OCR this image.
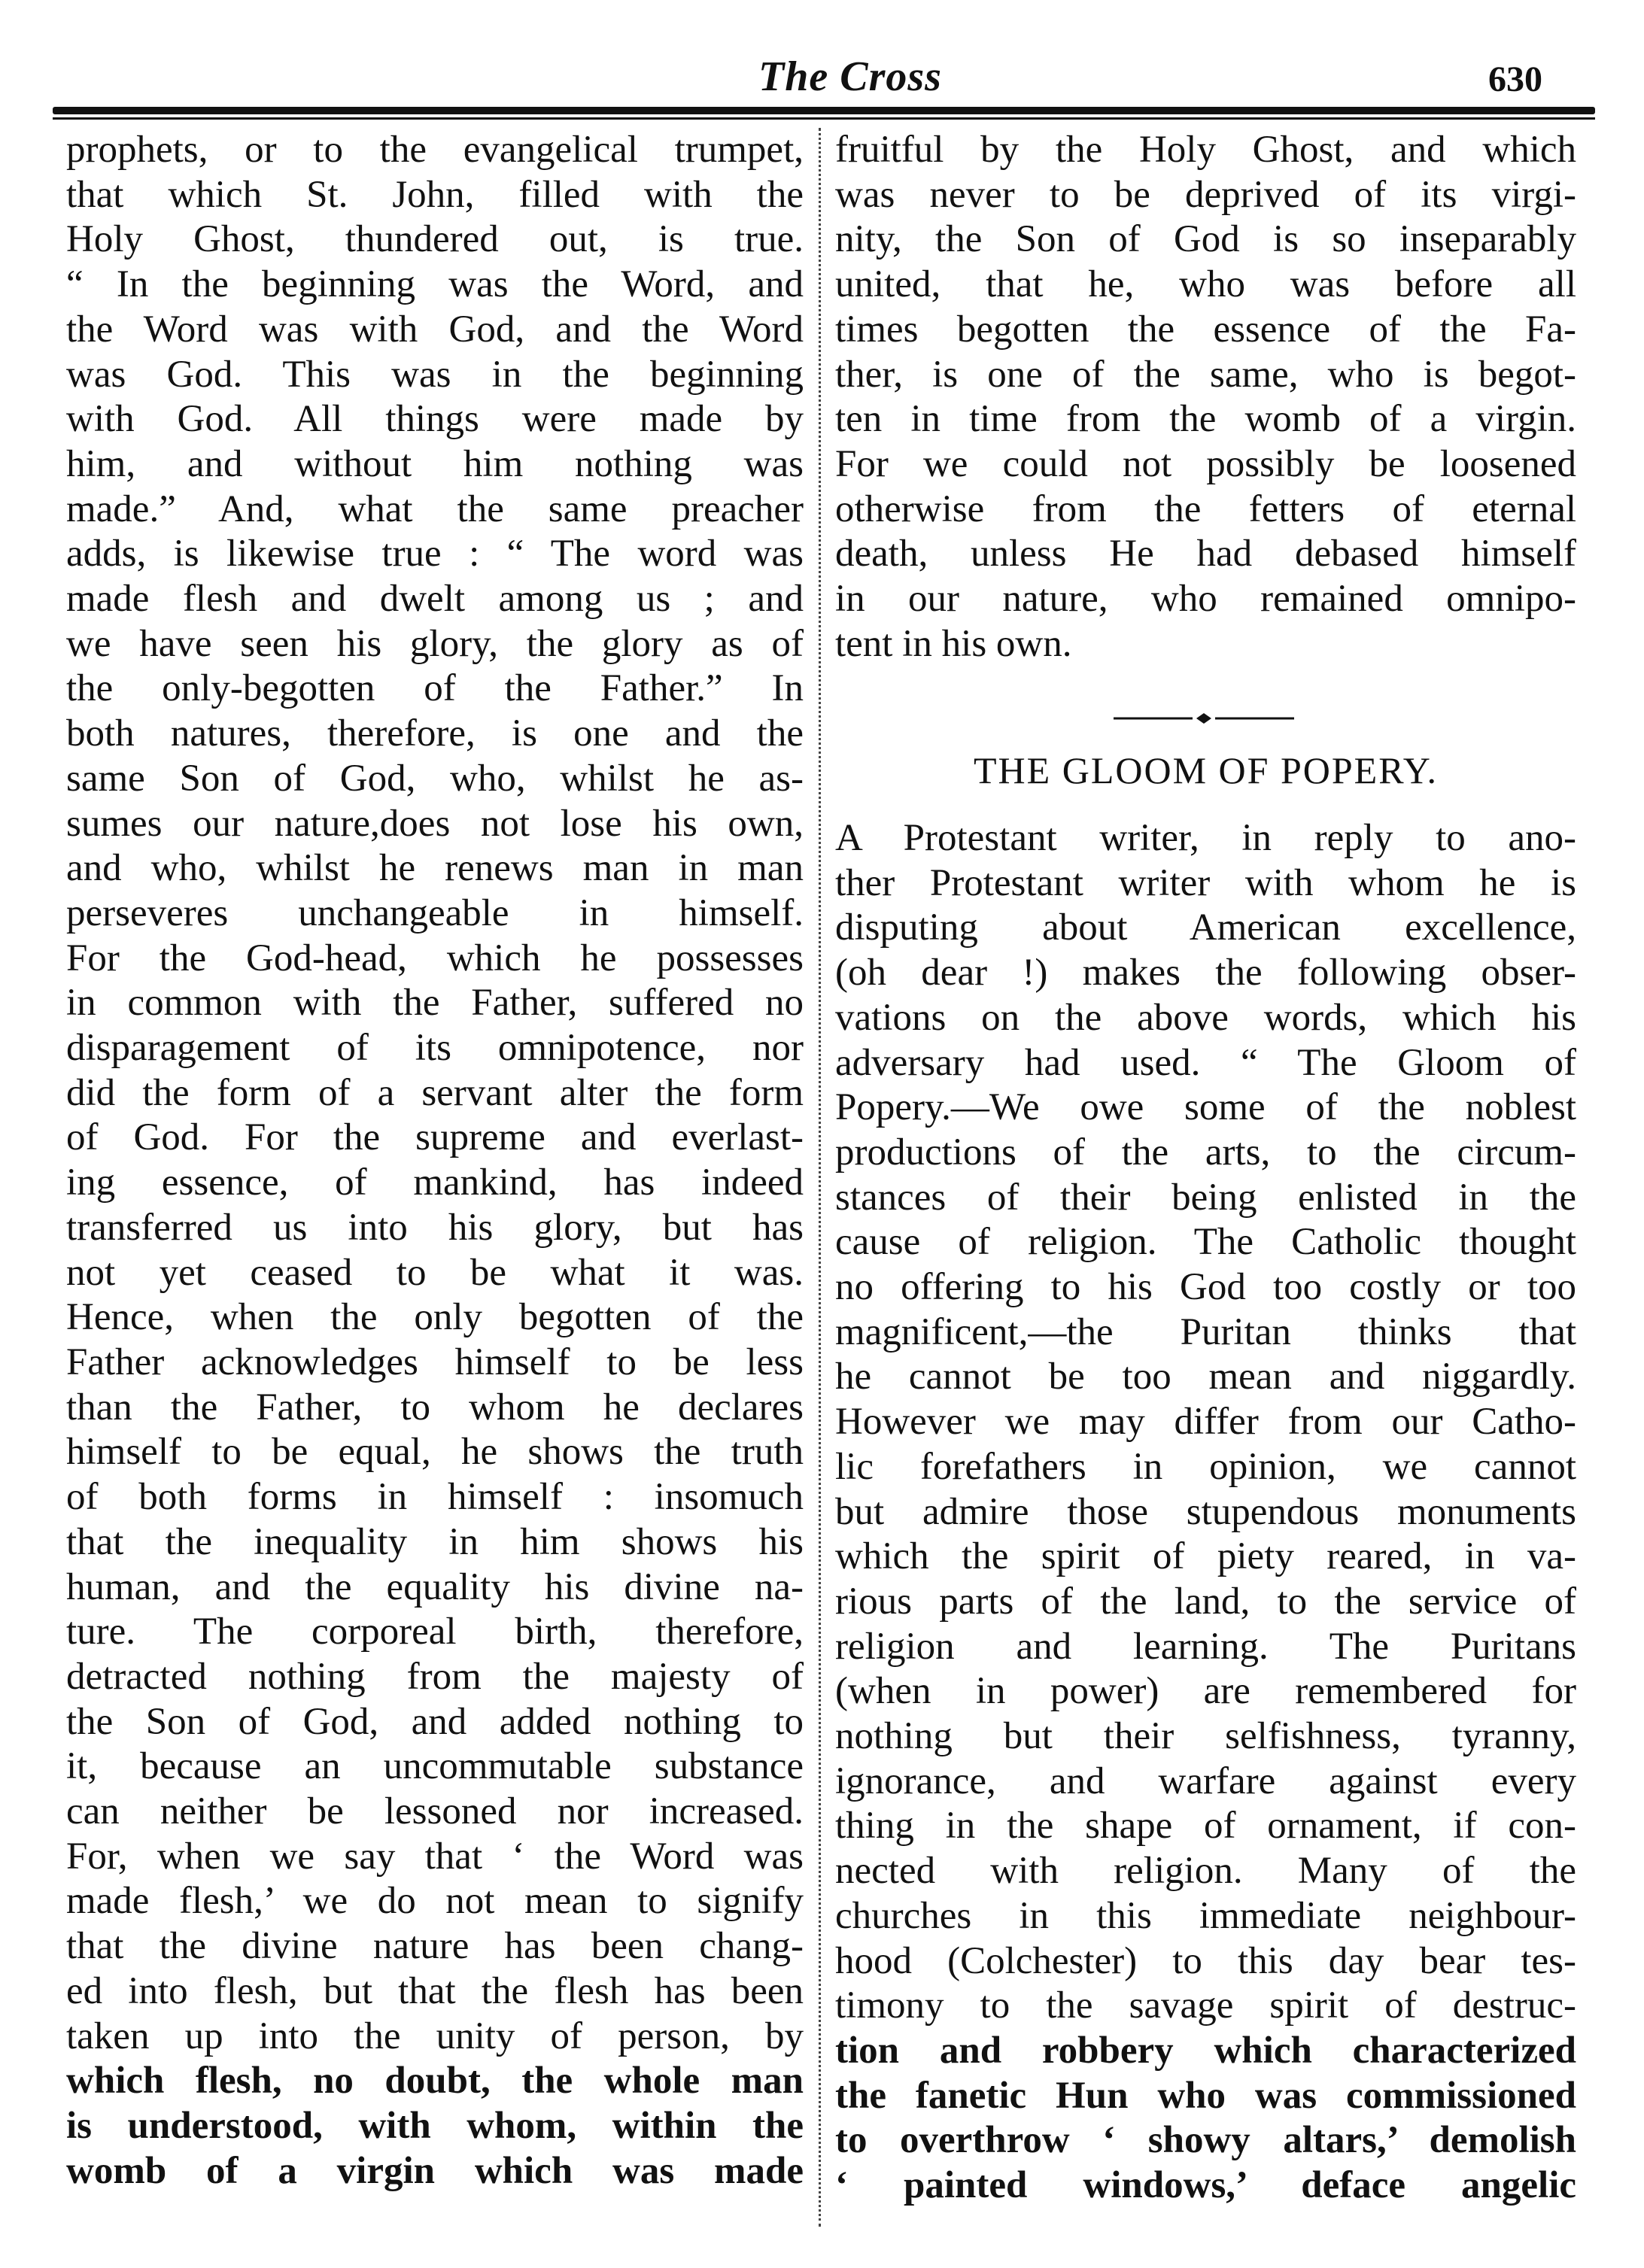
The Cross	630
prophets, or to the evangelical trumpet,
that which St. John, filled with the
Holy Ghost, thundered out, is true.
“ In the beginning was the Word, and
the Word was with God, and the Word
was God. This was in the beginning
with God. All things were made by
him, and without him nothing was
made.” And, what the same preacher
adds, is likewise true : “ The word was
made flesh and dwelt among us ; and
we have seen his glory, the glory as of
the only-begotten of the Father.” In
both natures, therefore, is one and the
same Son of God, who, whilst he as-
sumes our nature,does not lose his own,
and who, whilst he renews man in man
perseveres unchangeable in himself.
For the God-head, which he possesses
in common with the Father, suffered no
disparagement of its omnipotence, nor
did the form of a servant alter the form
of God. For the supreme and everlast-
ing essence, of mankind, has indeed
transferred us into his glory, but has
not yet ceased to be what it was.
Hence, when the only begotten of the
Father acknowledges himself to be less
than the Father, to whom he declares
himself to be equal, he shows the truth
of both forms in himself : insomuch
that the inequality in him shows his
human, and the equality his divine na-
ture. The corporeal birth, therefore,
detracted nothing from the majesty of
the Son of God, and added nothing to
it, because an uncommutable substance
can neither be lessoned nor increased.
For, when we say that ‘ the Word was
made flesh,’ we do not mean to signify
that the divine nature has been chang-
ed into flesh, but that the flesh has been
taken up into the unity of person, by
which flesh, no doubt, the whole man
is understood, with whom, within the
womb of a virgin which was made
fruitful by the Holy Ghost, and which
was never to be deprived of its virgi-
nity, the Son of God is so inseparably
united, that he, who was before all
times begotten the essence of the Fa-
ther, is one of the same, who is begot-
ten in time from the womb of a virgin.
For we could not possibly be loosened
otherwise from the fetters of eternal
death, unless He had debased himself
in our nature, who remained omnipo-
tent in his own.
THE GLOOM OF POPERY.
A Protestant writer, in reply to ano-
ther Protestant writer with whom he is
disputing about American excellence,
(oh dear !) makes the following obser-
vations on the above words, which his
adversary had used. “ The Gloom of
Popery.—We owe some of the noblest
productions of the arts, to the circum-
stances of their being enlisted in the
cause of religion. The Catholic thought
no offering to his God too costly or too
magnificent,—the Puritan thinks that
he cannot be too mean and niggardly.
However we may differ from our Catho-
lic forefathers in opinion, we cannot
but admire those stupendous monuments
which the spirit of piety reared, in va-
rious parts of the land, to the service of
religion and learning. The Puritans
(when in power) are remembered for
nothing but their selfishness, tyranny,
ignorance, and warfare against every
thing in the shape of ornament, if con-
nected with religion. Many of the
churches in this immediate neighbour-
hood (Colchester) to this day bear tes-
timony to the savage spirit of destruc-
tion and robbery which characterized
the fanetic Hun who was commissioned
to overthrow ‘ showy altars,’ demolish
‘ painted windows,’ deface angelic
